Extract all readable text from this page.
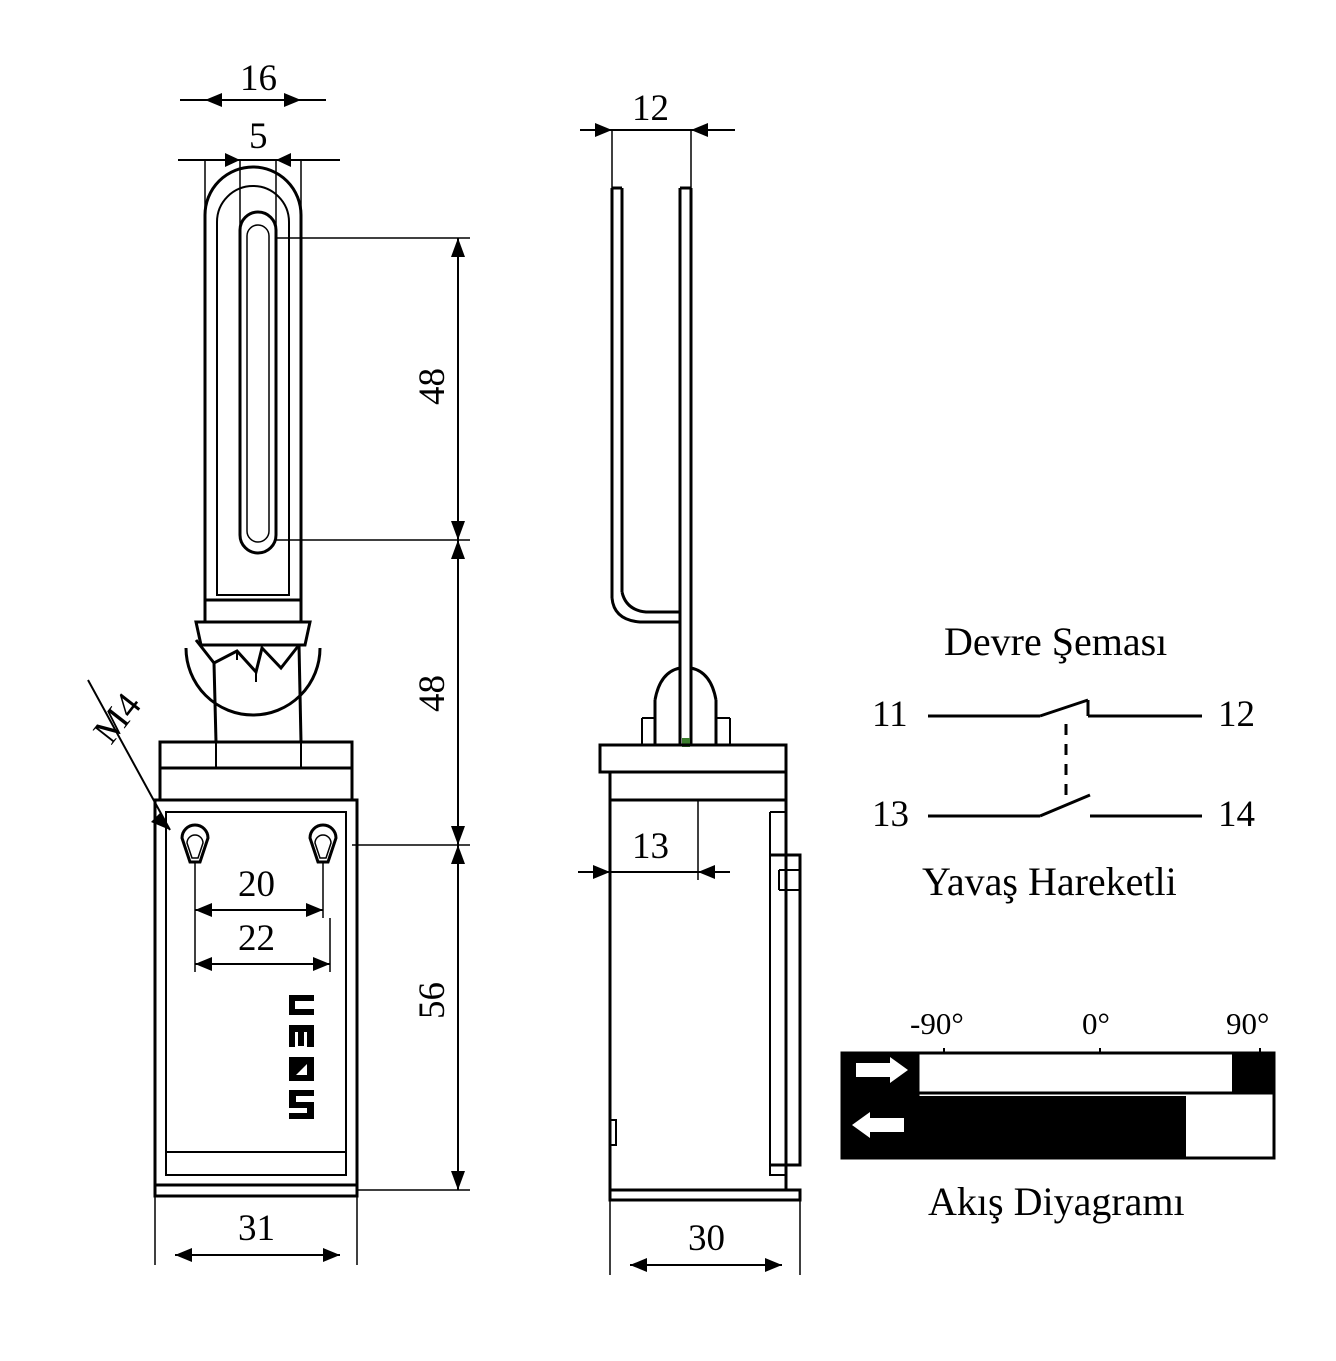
16
5
48
48
56
20
22
31
M4
12
13
30
Devre Şeması
11	12
13	14
Yavaş Hareketli
-90°	0°	90°
Akış Diyagramı
